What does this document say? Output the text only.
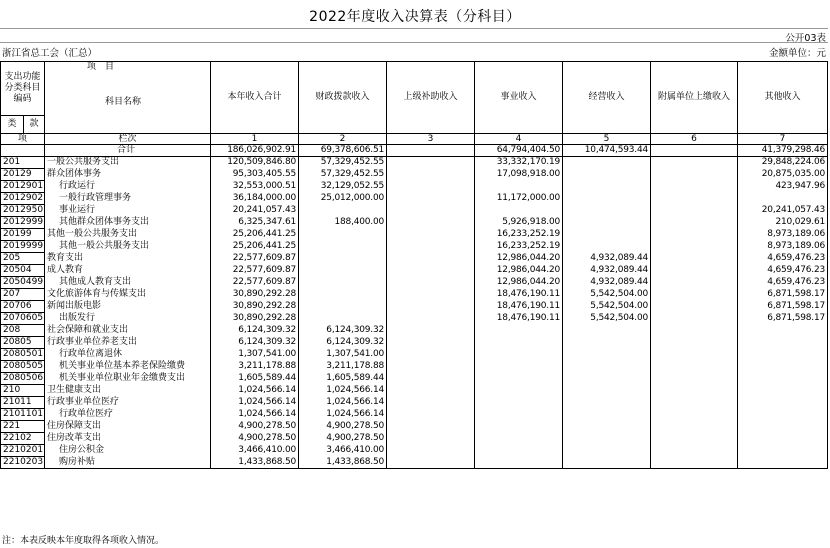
2022年度收入决算表（分科目）
公开03表
浙江省总工会（汇总）	金额单位：元
支出功能分类科目编码		项　目	本年收入合计	财政拨款收入	上级补助收入	事业收入	经营收入	附属单位上缴收入	其他收入
		科目名称							
类	款								

项		栏次	1	2	3	4	5	6	7
		合计	186,026,902.91	69,378,606.51		64,794,404.50	10,474,593.44		41,379,298.46
201		一般公共服务支出	120,509,846.80	57,329,452.55		33,332,170.19			29,848,224.06
20129		群众团体事务	95,303,405.55	57,329,452.55		17,098,918.00			20,875,035.00
2012901		行政运行	32,553,000.51	32,129,052.55					423,947.96
2012902		一般行政管理事务	36,184,000.00	25,012,000.00		11,172,000.00			
2012950		事业运行	20,241,057.43						20,241,057.43
2012999		其他群众团体事务支出	6,325,347.61	188,400.00		5,926,918.00			210,029.61
20199		其他一般公共服务支出	25,206,441.25			16,233,252.19			8,973,189.06
2019999		其他一般公共服务支出	25,206,441.25			16,233,252.19			8,973,189.06
205		教育支出	22,577,609.87			12,986,044.20	4,932,089.44		4,659,476.23
20504		成人教育	22,577,609.87			12,986,044.20	4,932,089.44		4,659,476.23
2050499		其他成人教育支出	22,577,609.87			12,986,044.20	4,932,089.44		4,659,476.23
207		文化旅游体育与传媒支出	30,890,292.28			18,476,190.11	5,542,504.00		6,871,598.17
20706		新闻出版电影	30,890,292.28			18,476,190.11	5,542,504.00		6,871,598.17
2070605		出版发行	30,890,292.28			18,476,190.11	5,542,504.00		6,871,598.17
208		社会保障和就业支出	6,124,309.32	6,124,309.32					
20805		行政事业单位养老支出	6,124,309.32	6,124,309.32					
2080501		行政单位离退休	1,307,541.00	1,307,541.00					
2080505		机关事业单位基本养老保险缴费	3,211,178.88	3,211,178.88					
2080506		机关事业单位职业年金缴费支出	1,605,589.44	1,605,589.44					
210		卫生健康支出	1,024,566.14	1,024,566.14					
21011		行政事业单位医疗	1,024,566.14	1,024,566.14					
2101101		行政单位医疗	1,024,566.14	1,024,566.14					
221		住房保障支出	4,900,278.50	4,900,278.50					
22102		住房改革支出	4,900,278.50	4,900,278.50					
2210201		住房公积金	3,466,410.00	3,466,410.00					
2210203		购房补贴	1,433,868.50	1,433,868.50					
注：本表反映本年度取得各项收入情况。
